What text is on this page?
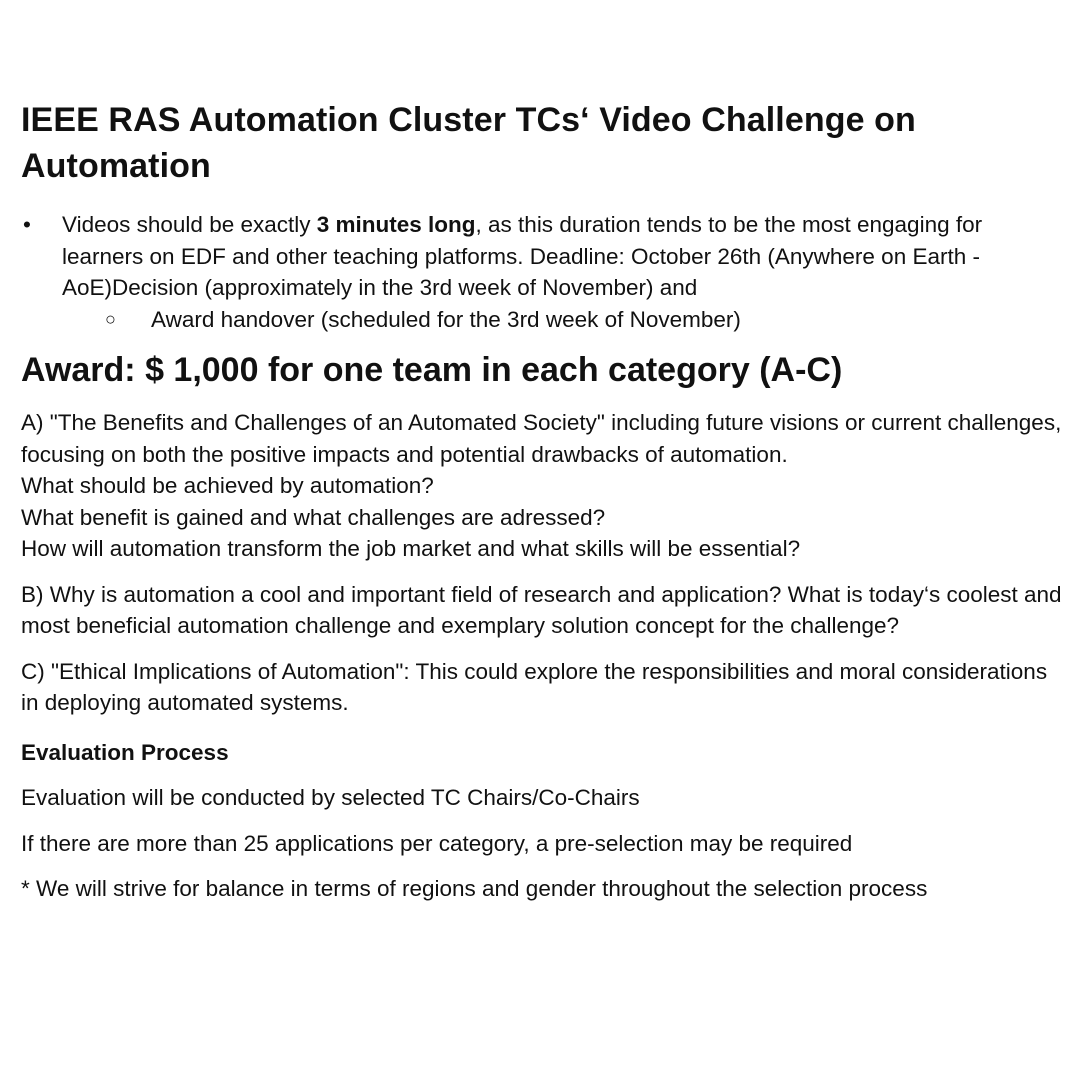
IEEE RAS Automation Cluster TCs‘ Video Challenge on Automation
• Videos should be exactly 3 minutes long, as this duration tends to be the most engaging for learners on EDF and other teaching platforms. Deadline: October 26th (Anywhere on Earth - AoE)Decision (approximately in the 3rd week of November) and
○ Award handover (scheduled for the 3rd week of November)
Award: $ 1,000 for one team in each category (A-C)

A) "The Benefits and Challenges of an Automated Society" including future visions or current challenges, focusing on both the positive impacts and potential drawbacks of automation.
What should be achieved by automation?
What benefit is gained and what challenges are adressed?
How will automation transform the job market and what skills will be essential?

B) Why is automation a cool and important field of research and application? What is today‘s coolest and most beneficial automation challenge and exemplary solution concept for the challenge?

C) "Ethical Implications of Automation": This could explore the responsibilities and moral considerations in deploying automated systems.

Evaluation Process

Evaluation will be conducted by selected TC Chairs/Co-Chairs

If there are more than 25 applications per category, a pre-selection may be required

* We will strive for balance in terms of regions and gender throughout the selection process
